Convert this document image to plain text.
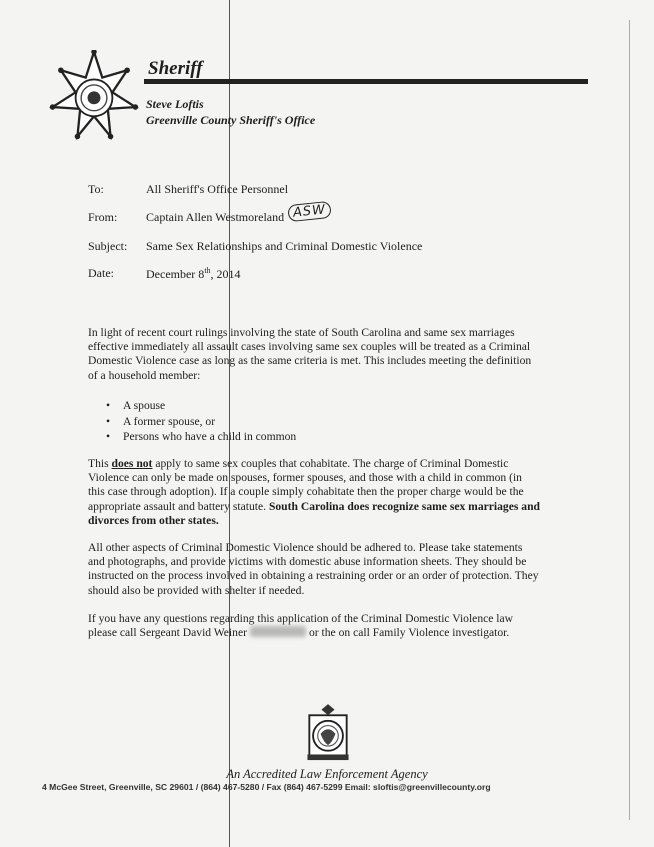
Sheriff
Steve Loftis
Greenville County Sheriff's Office
To:	All Sheriff's Office Personnel
From: Captain Allen Westmoreland ASW
Subject: Same Sex Relationships and Criminal Domestic Violence
Date:	December 8th, 2014

In light of recent court rulings involving the state of South Carolina and same sex marriages effective immediately all assault cases involving same sex couples will be treated as a Criminal Domestic Violence case as long as the same criteria is met. This includes meeting the definition of a household member:

• A spouse
• A former spouse, or
• Persons who have a child in common

This does not apply to same sex couples that cohabitate. The charge of Criminal Domestic Violence can only be made on spouses, former spouses, and those with a child in common (in this case through adoption). If a couple simply cohabitate then the proper charge would be the appropriate assault and battery statute. South Carolina does recognize same sex marriages and divorces from other states.

All other aspects of Criminal Domestic Violence should be adhered to. Please take statements and photographs, and provide victims with domestic abuse information sheets. They should be instructed on the process involved in obtaining a restraining order or an order of protection. They should also be provided with shelter if needed.

If you have any questions regarding this application of the Criminal Domestic Violence law please call Sergeant David Weiner	or the on call Family Violence investigator.

An Accredited Law Enforcement Agency
4 McGee Street, Greenville, SC 29601 / (864) 467-5280 / Fax (864) 467-5299 Email: sloftis@greenvillecounty.org
